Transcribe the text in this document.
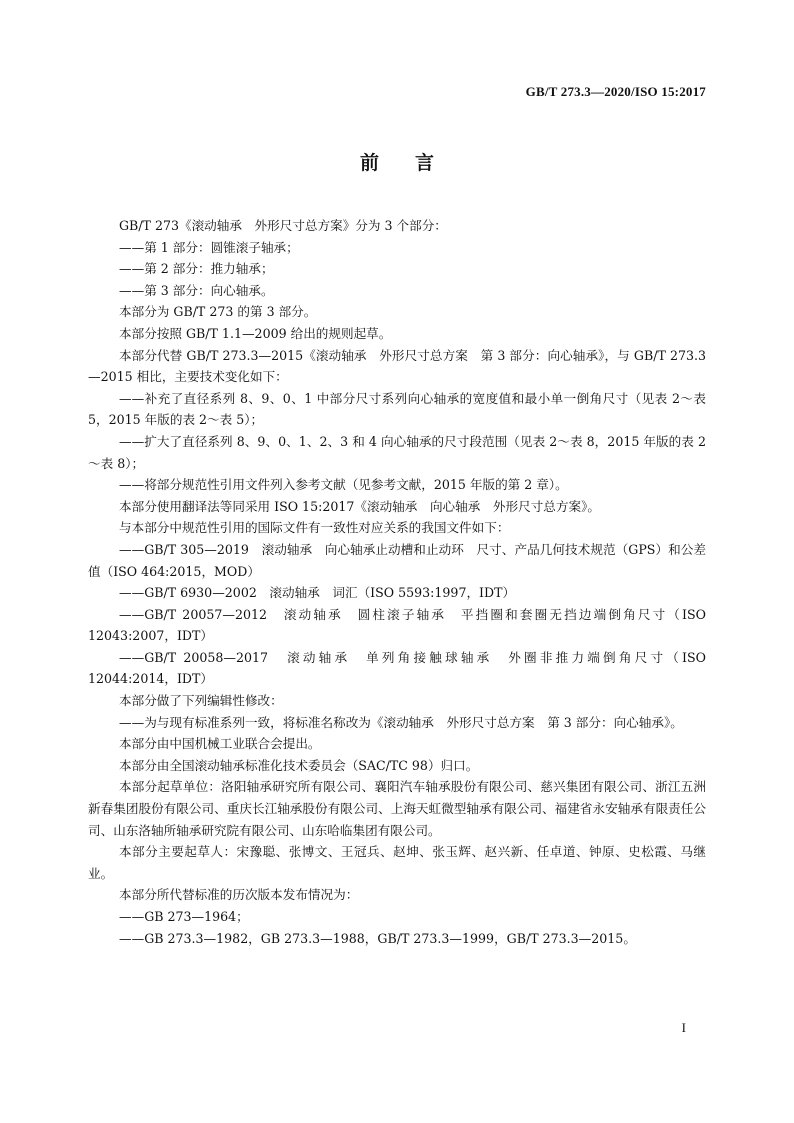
GB/T 273.3—2020/ISO 15:2017
前言

GB/T 273《滚动轴承　外形尺寸总方案》分为 3 个部分：

——第 1 部分：圆锥滚子轴承；

——第 2 部分：推力轴承；

——第 3 部分：向心轴承。

本部分为 GB/T 273 的第 3 部分。

本部分按照 GB/T 1.1—2009 给出的规则起草。

本部分代替 GB/T 273.3—2015《滚动轴承　外形尺寸总方案　第 3 部分：向心轴承》，与 GB/T 273.3—2015 相比，主要技术变化如下：

——补充了直径系列 8、9、0、1 中部分尺寸系列向心轴承的宽度值和最小单一倒角尺寸（见表 2～表 5，2015 年版的表 2～表 5）；

——扩大了直径系列 8、9、0、1、2、3 和 4 向心轴承的尺寸段范围（见表 2～表 8，2015 年版的表 2～表 8）；

——将部分规范性引用文件列入参考文献（见参考文献，2015 年版的第 2 章）。

本部分使用翻译法等同采用 ISO 15:2017《滚动轴承　向心轴承　外形尺寸总方案》。

与本部分中规范性引用的国际文件有一致性对应关系的我国文件如下：

——GB/T 305—2019　滚动轴承　向心轴承止动槽和止动环　尺寸、产品几何技术规范（GPS）和公差值（ISO 464:2015，MOD）

——GB/T 6930—2002　滚动轴承　词汇（ISO 5593:1997，IDT）

——GB/T 20057—2012　滚动轴承　圆柱滚子轴承　平挡圈和套圈无挡边端倒角尺寸（ISO 12043:2007，IDT）

——GB/T 20058—2017　滚动轴承　单列角接触球轴承　外圈非推力端倒角尺寸（ISO 12044:2014，IDT）

本部分做了下列编辑性修改：

——为与现有标准系列一致，将标准名称改为《滚动轴承　外形尺寸总方案　第 3 部分：向心轴承》。

本部分由中国机械工业联合会提出。

本部分由全国滚动轴承标准化技术委员会（SAC/TC 98）归口。

本部分起草单位：洛阳轴承研究所有限公司、襄阳汽车轴承股份有限公司、慈兴集团有限公司、浙江五洲新春集团股份有限公司、重庆长江轴承股份有限公司、上海天虹微型轴承有限公司、福建省永安轴承有限责任公司、山东洛轴所轴承研究院有限公司、山东哈临集团有限公司。

本部分主要起草人：宋豫聪、张博文、王冠兵、赵坤、张玉辉、赵兴新、任卓道、钟原、史松霞、马继业。

本部分所代替标准的历次版本发布情况为：

——GB 273—1964；

——GB 273.3—1982，GB 273.3—1988，GB/T 273.3—1999，GB/T 273.3—2015。

I
